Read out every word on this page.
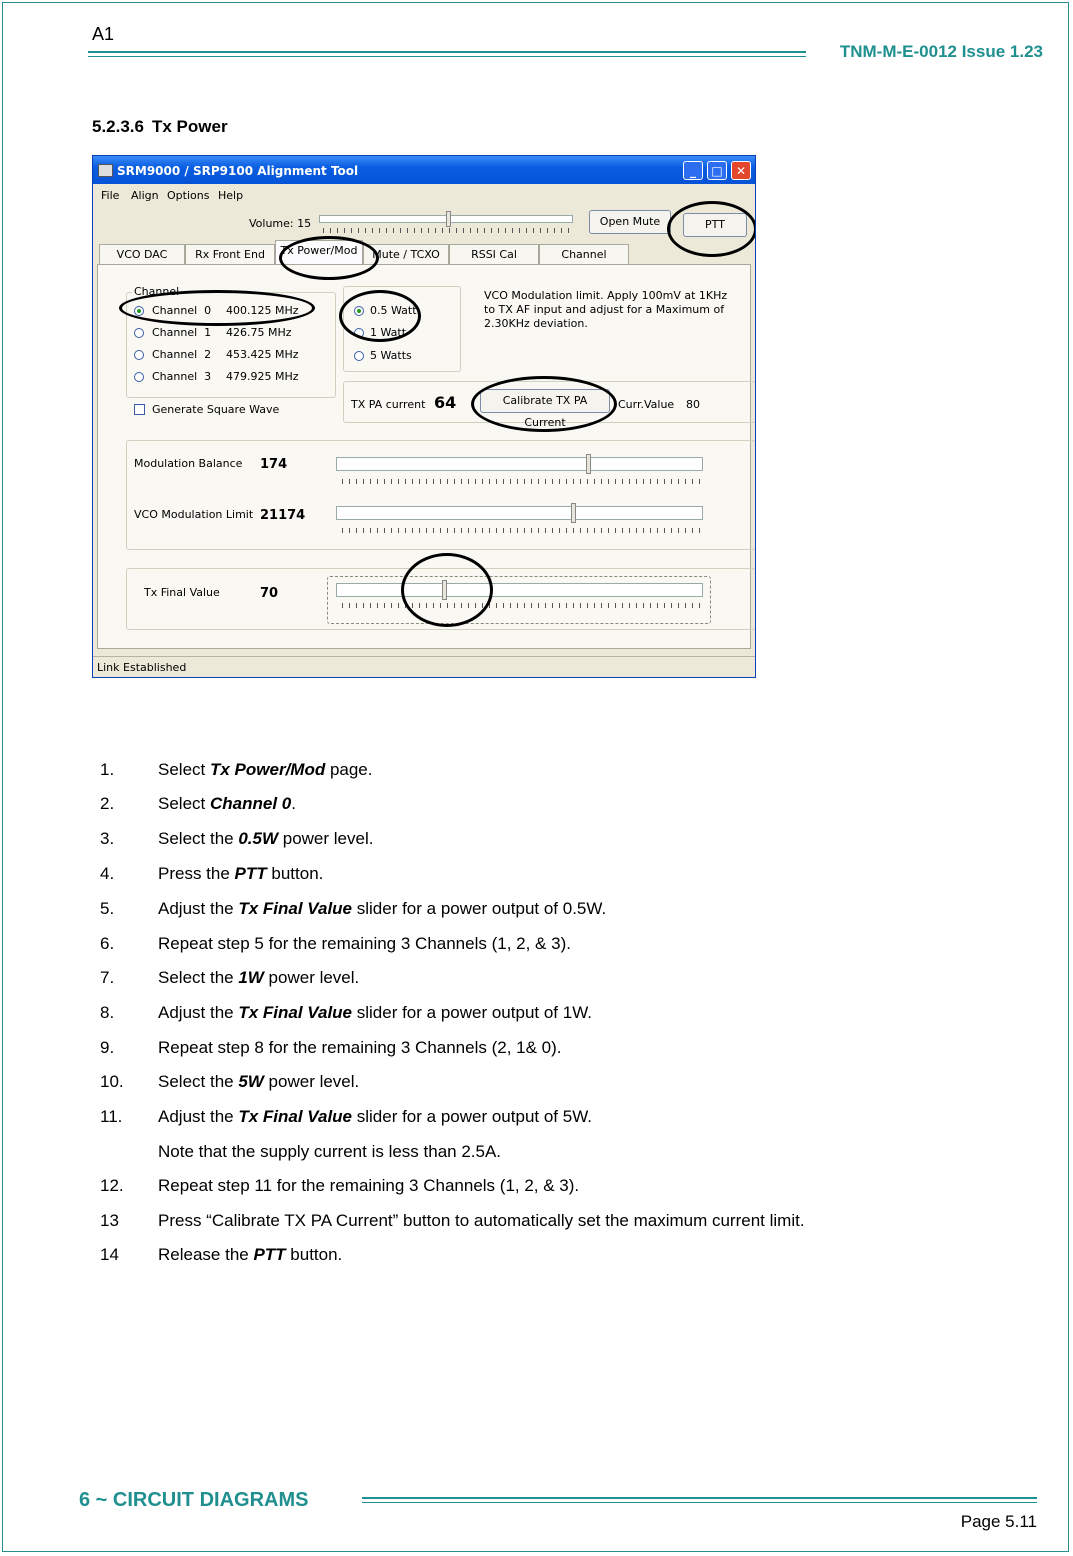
A1
TNM-M-E-0012 Issue 1.23
5.2.3.6 Tx Power
SRM9000 / SRP9100 Alignment Tool	_	□	✕
File Align Options Help
Volume: 15	Open Mute	PTT
VCO DAC	Rx Front End	Tx Power/Mod	Mute / TCXO	RSSI Cal	Channel
Channel
Channel  0 400.125 MHz
Channel  1 426.75 MHz
Channel  2 453.425 MHz
Channel  3 479.925 MHz
0.5 Watt
1 Watt
5 Watts
VCO Modulation limit. Apply 100mV at 1KHz to TX AF input and adjust for a Maximum of 2.30KHz deviation.
Generate Square Wave	TX PA current 64	Calibrate TX PA Current
Curr.Value 80
Modulation Balance 174
VCO Modulation Limit 21174
Tx Final Value	70
Link Established
1.	Select Tx Power/Mod page.
2.	Select Channel 0.
3.	Select the 0.5W power level.
4.	Press the PTT button.
5.	Adjust the Tx Final Value slider for a power output of 0.5W.
6.	Repeat step 5 for the remaining 3 Channels (1, 2, & 3).
7.	Select the 1W power level.
8.	Adjust the Tx Final Value slider for a power output of 1W.
9.	Repeat step 8 for the remaining 3 Channels (2, 1& 0).
10. Select the 5W power level.
11. Adjust the Tx Final Value slider for a power output of 5W.
Note that the supply current is less than 2.5A.
12. Repeat step 11 for the remaining 3 Channels (1, 2, & 3).
13 Press “Calibrate TX PA Current” button to automatically set the maximum current limit.
14 Release the PTT button.
6 ~ CIRCUIT DIAGRAMS
Page 5.11
